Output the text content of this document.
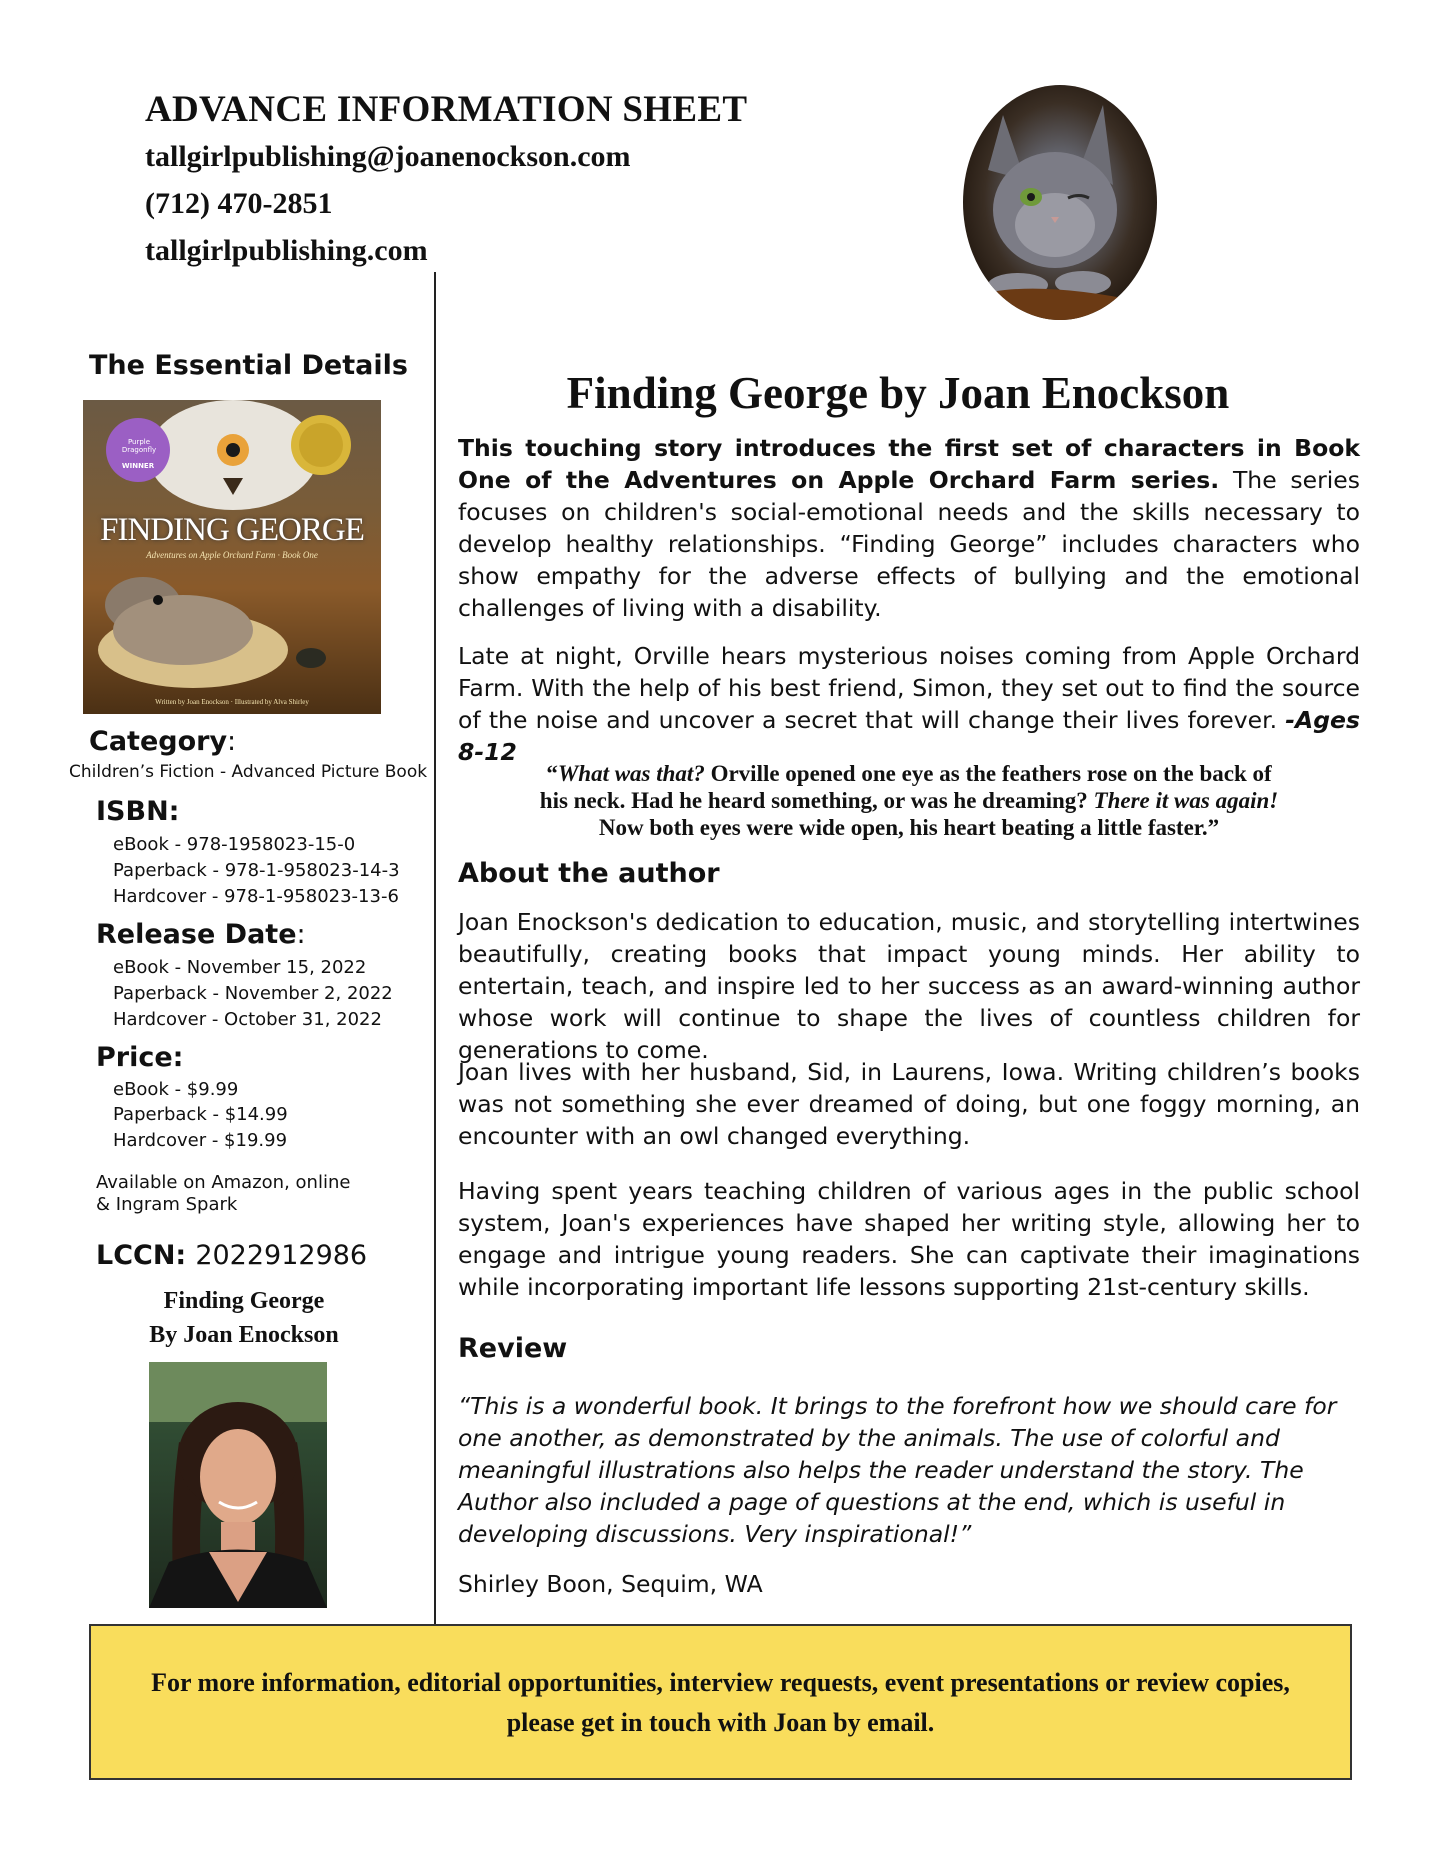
ADVANCE INFORMATION SHEET
tallgirlpublishing@joanenockson.com
(712) 470-2851
tallgirlpublishing.com
The Essential Details
Purple Dragonfly
WINNER
FINDING GEORGE
Adventures on Apple Orchard Farm · Book One
Written by Joan Enockson · Illustrated by Alva Shirley
Category:
Children’s Fiction - Advanced Picture Book
ISBN:
eBook - 978-1958023-15-0
Paperback - 978-1-958023-14-3
Hardcover - 978-1-958023-13-6
Release Date:
eBook - November 15, 2022
Paperback - November 2, 2022
Hardcover - October 31, 2022
Price:
eBook - $9.99
Paperback - $14.99
Hardcover - $19.99
Available on Amazon, online
& Ingram Spark
LCCN: 2022912986
Finding George
By Joan Enockson
Finding George by Joan Enockson
This touching story introduces the first set of characters in Book One of the Adventures on Apple Orchard Farm series. The series focuses on children's social-emotional needs and the skills necessary to develop healthy relationships. “Finding George” includes characters who show empathy for the adverse effects of bullying and the emotional challenges of living with a disability.
Late at night, Orville hears mysterious noises coming from Apple Orchard Farm. With the help of his best friend, Simon, they set out to find the source of the noise and uncover a secret that will change their lives forever. -Ages 8-12
“What was that? Orville opened one eye as the feathers rose on the back of
his neck. Had he heard something, or was he dreaming? There it was again!
Now both eyes were wide open, his heart beating a little faster.”
About the author
Joan Enockson's dedication to education, music, and storytelling intertwines beautifully, creating books that impact young minds. Her ability to entertain, teach, and inspire led to her success as an award-winning author whose work will continue to shape the lives of countless children for generations to come.
Joan lives with her husband, Sid, in Laurens, Iowa. Writing children’s books was not something she ever dreamed of doing, but one foggy morning, an encounter with an owl changed everything.
Having spent years teaching children of various ages in the public school system, Joan's experiences have shaped her writing style, allowing her to engage and intrigue young readers. She can captivate their imaginations while incorporating important life lessons supporting 21st-century skills.
Review
“This is a wonderful book. It brings to the forefront how we should care for one another, as demonstrated by the animals. The use of colorful and meaningful illustrations also helps the reader understand the story. The Author also included a page of questions at the end, which is useful in developing discussions. Very inspirational!”
Shirley Boon, Sequim, WA
For more information, editorial opportunities, interview requests, event presentations or review copies,
please get in touch with Joan by email.
